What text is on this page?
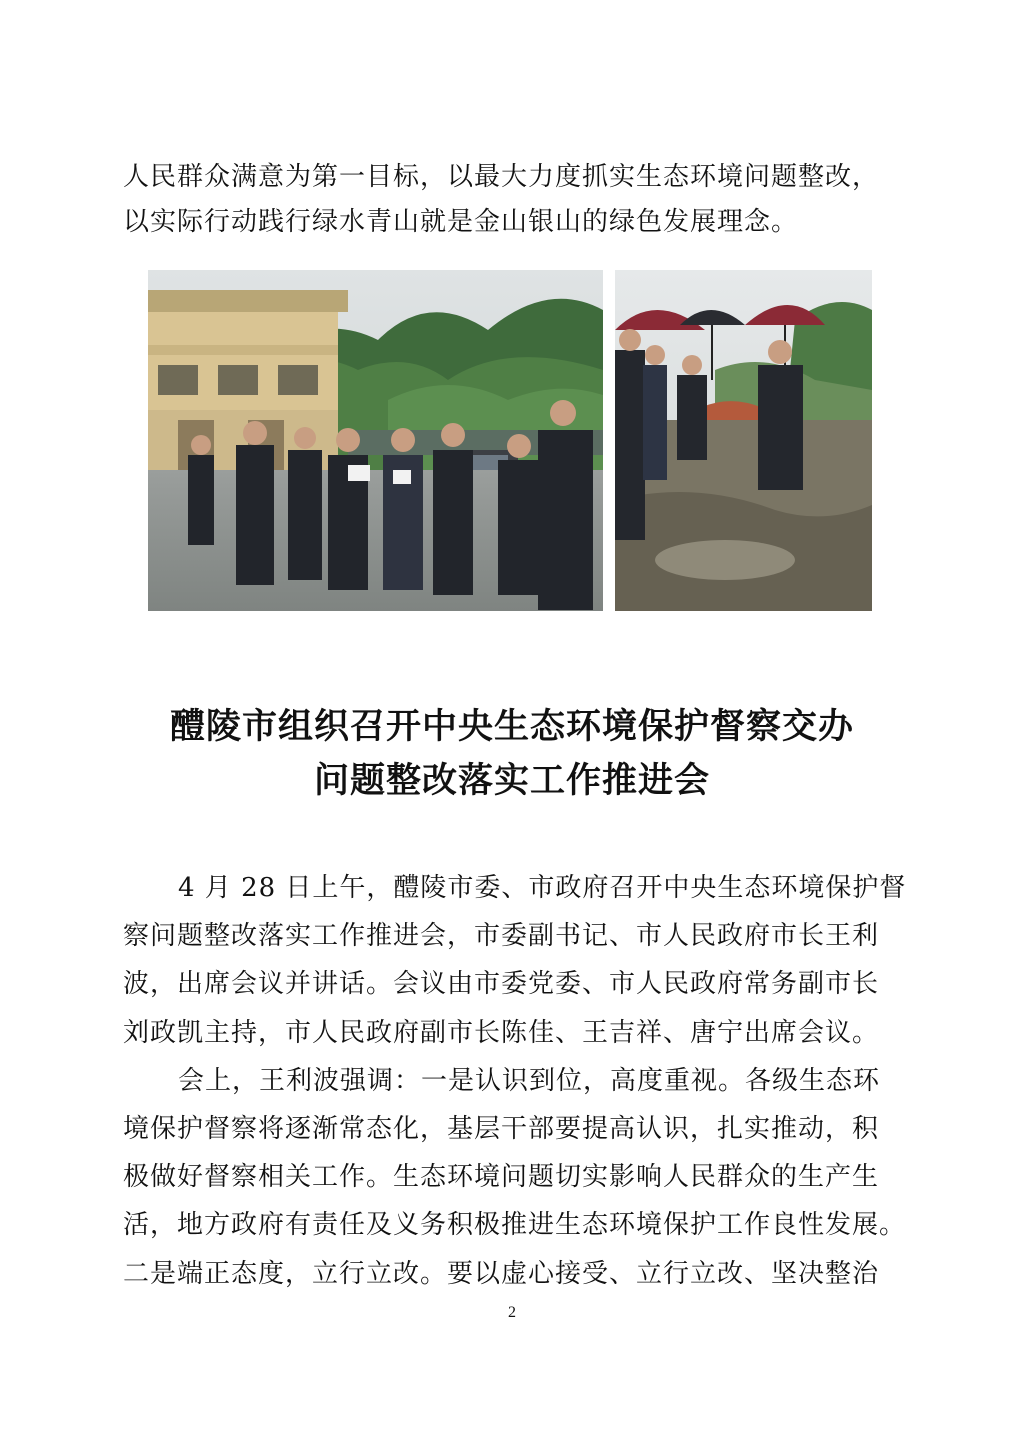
人民群众满意为第一目标，以最大力度抓实生态环境问题整改，

以实际行动践行绿水青山就是金山银山的绿色发展理念。

醴陵市组织召开中央生态环境保护督察交办
问题整改落实工作推进会
4 月 28 日上午，醴陵市委、市政府召开中央生态环境保护督
察问题整改落实工作推进会，市委副书记、市人民政府市长王利
波，出席会议并讲话。会议由市委党委、市人民政府常务副市长
刘政凯主持，市人民政府副市长陈佳、王吉祥、唐宁出席会议。
会上，王利波强调：一是认识到位，高度重视。各级生态环
境保护督察将逐渐常态化，基层干部要提高认识，扎实推动，积
极做好督察相关工作。生态环境问题切实影响人民群众的生产生
活，地方政府有责任及义务积极推进生态环境保护工作良性发展。
二是端正态度，立行立改。要以虚心接受、立行立改、坚决整治
2
